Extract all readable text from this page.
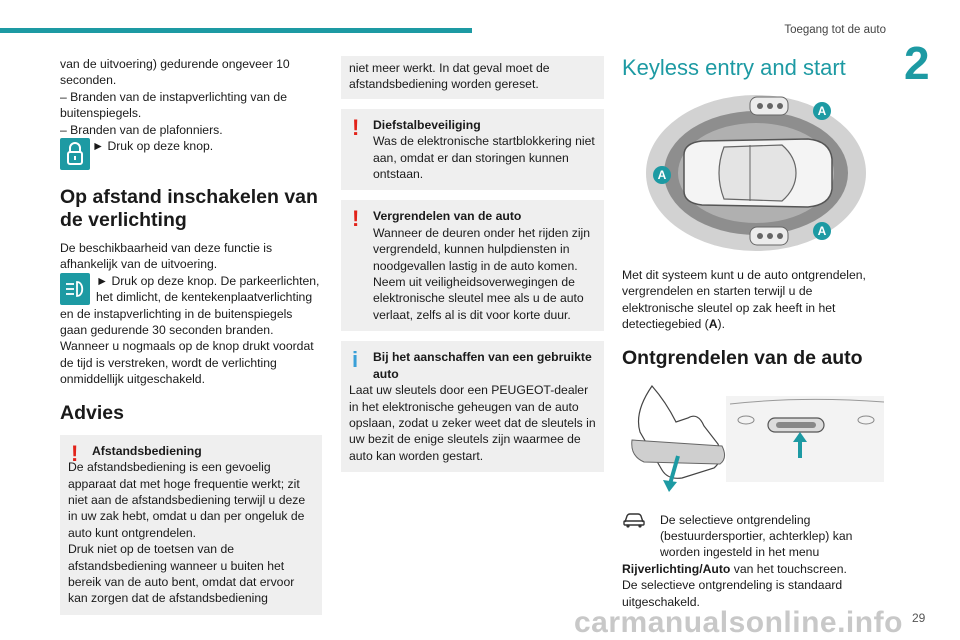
Toegang tot de auto
2

van de uitvoering) gedurende ongeveer 10 seconden.

– Branden van de instapverlichting van de buitenspiegels.

– Branden van de plafonniers.

► Druk op deze knop.
Op afstand inschakelen van de verlichting

De beschikbaarheid van deze functie is afhankelijk van de uitvoering.

► Druk op deze knop. De parkeerlichten, het dimlicht, de kentekenplaatverlichting en de instapverlichting in de buitenspiegels gaan gedurende 30 seconden branden.

Wanneer u nogmaals op de knop drukt voordat de tijd is verstreken, wordt de verlichting onmiddellijk uitgeschakeld.

Advies
!	Afstandsbediening

De afstandsbediening is een gevoelig apparaat dat met hoge frequentie werkt; zit niet aan de afstandsbediening terwijl u deze in uw zak hebt, omdat u dan per ongeluk de auto kunt ontgrendelen.

Druk niet op de toetsen van de afstandsbediening wanneer u buiten het bereik van de auto bent, omdat dat ervoor kan zorgen dat de afstandsbediening

niet meer werkt. In dat geval moet de afstandsbediening worden gereset.

!	Diefstalbeveiliging

Was de elektronische startblokkering niet aan, omdat er dan storingen kunnen ontstaan.

!	Vergrendelen van de auto

Wanneer de deuren onder het rijden zijn vergrendeld, kunnen hulpdiensten in noodgevallen lastig in de auto komen. Neem uit veiligheidsoverwegingen de elektronische sleutel mee als u de auto verlaat, zelfs al is dit voor korte duur.

i	Bij het aanschaffen van een gebruikte auto

Laat uw sleutels door een PEUGEOT-dealer in het elektronische geheugen van de auto opslaan, zodat u zeker weet dat de sleutels in uw bezit de enige sleutels zijn waarmee de auto kan worden gestart.

Keyless entry and start
A
A
A

Met dit systeem kunt u de auto ontgrendelen, vergrendelen en starten terwijl u de elektronische sleutel op zak heeft in het detectiegebied (A).

Ontgrendelen van de auto
De selectieve ontgrendeling (bestuurdersportier, achterklep) kan worden ingesteld in het menu

Rijverlichting/Auto van het touchscreen.

De selectieve ontgrendeling is standaard uitgeschakeld.

carmanualsonline.info 29
